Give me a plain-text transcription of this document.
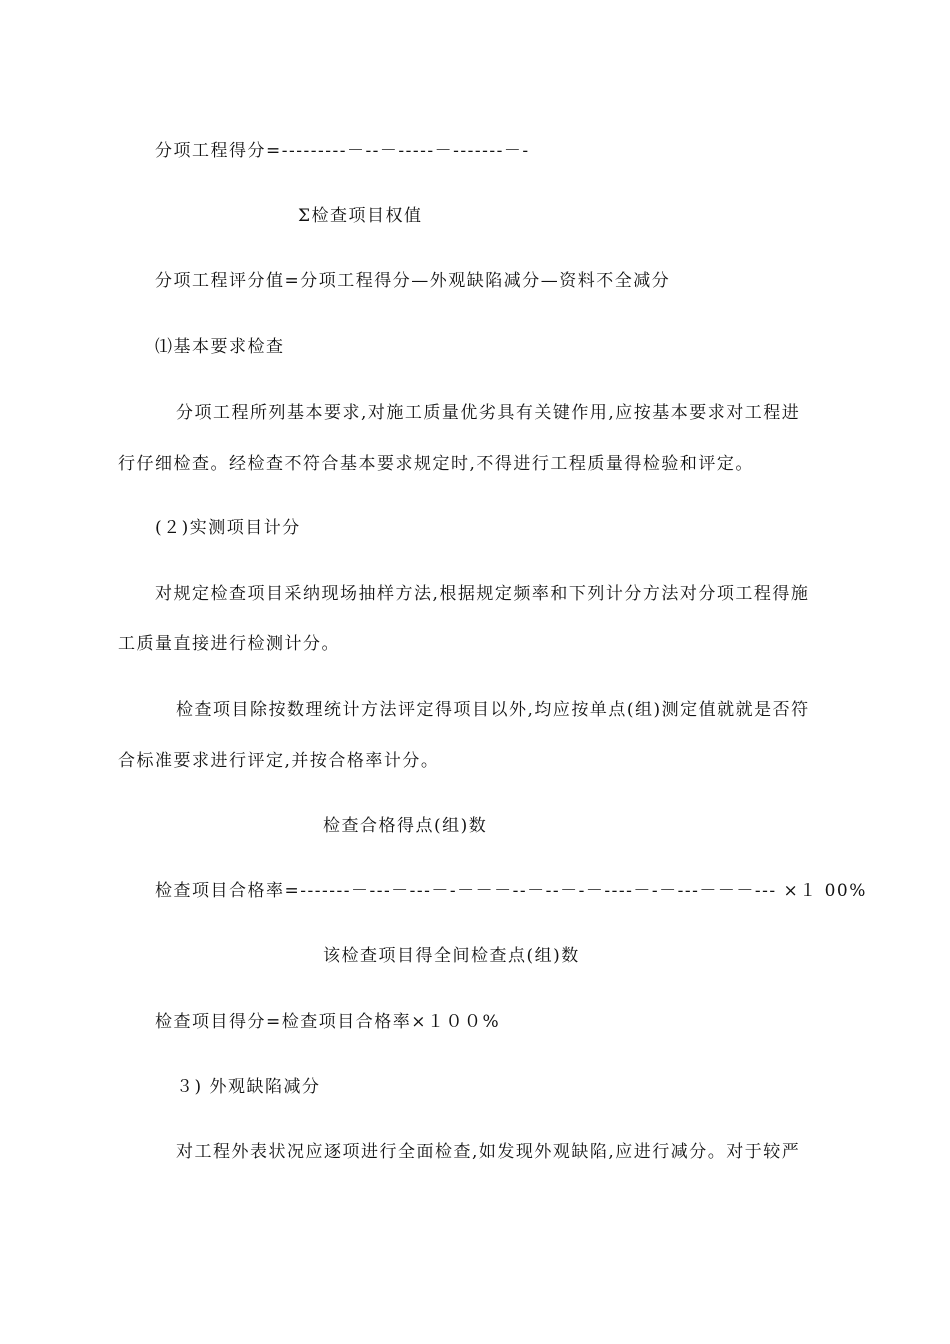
分项工程得分=---------－--－-----－-------－-
Σ检查项目权值
分项工程评分值=分项工程得分—外观缺陷减分—资料不全减分
⑴基本要求检查
分项工程所列基本要求,对施工质量优劣具有关键作用,应按基本要求对工程进
行仔细检查。经检查不符合基本要求规定时,不得进行工程质量得检验和评定。
(２)实测项目计分
对规定检查项目采纳现场抽样方法,根据规定频率和下列计分方法对分项工程得施
工质量直接进行检测计分。
检查项目除按数理统计方法评定得项目以外,均应按单点(组)测定值就就是否符
合标准要求进行评定,并按合格率计分。
检查合格得点(组)数
检查项目合格率=-------－---－---－-－－－--－--－-－----－-－---－－－--- ×１ 00%
该检查项目得全间检查点(组)数
检查项目得分=检查项目合格率×１００%
３) 外观缺陷减分
对工程外表状况应逐项进行全面检查,如发现外观缺陷,应进行减分。对于较严
